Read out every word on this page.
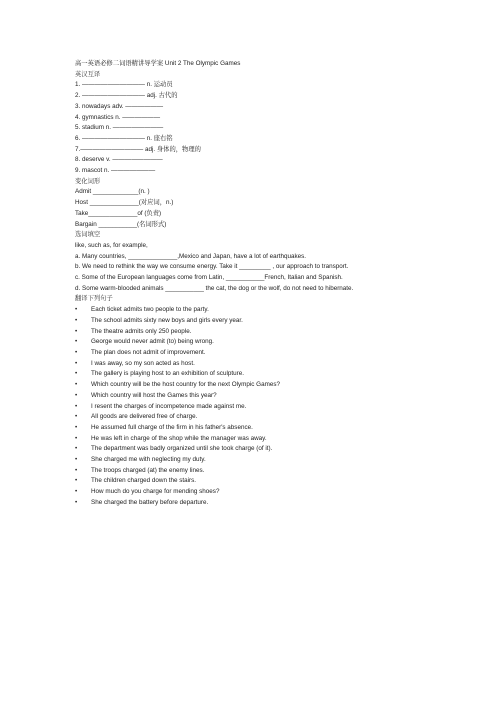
高一英语必修二词语精讲导学案 Unit 2 The Olympic Games
英汉互译
1. —————————— n. 运动员
2. —————————— adj. 古代的
3. nowadays adv. ——————
4. gymnastics n. ——————
5. stadium n. ————————
6. —————————— n. 座右铭
7.—————————— adj. 身体的，物理的
8. deserve v. ————————
9. mascot n. ———————
变化词形
Admit _____________(n. )
Host ______________(对应词，n.)
Take______________of (负责)
Bargain ___________(名词形式)
选词填空
like, such as, for example,
a. Many countries, ______________,Mexico and Japan, have a lot of earthquakes.
b. We need to rethink the way we consume energy. Take it _________ , our approach to transport.
c. Some of the European languages come from Latin, ___________French, Italian and Spanish.
d. Some warm-blooded animals ___________ the cat, the dog or the wolf, do not need to hibernate.
翻译下列句子
• Each ticket admits two people to the party.
• The school admits sixty new boys and girls every year.
• The theatre admits only 250 people.
• George would never admit (to) being wrong.
• The plan does not admit of improvement.
• I was away, so my son acted as host.
• The gallery is playing host to an exhibition of sculpture.
• Which country will be the host country for the next Olympic Games?
• Which country will host the Games this year?
• I resent the charges of incompetence made against me.
• All goods are delivered free of charge.
• He assumed full charge of the firm in his father's absence.
• He was left in charge of the shop while the manager was away.
• The department was badly organized until she took charge (of it).
• She charged me with neglecting my duty.
• The troops charged (at) the enemy lines.
• The children charged down the stairs.
• How much do you charge for mending shoes?
• She charged the battery before departure.
